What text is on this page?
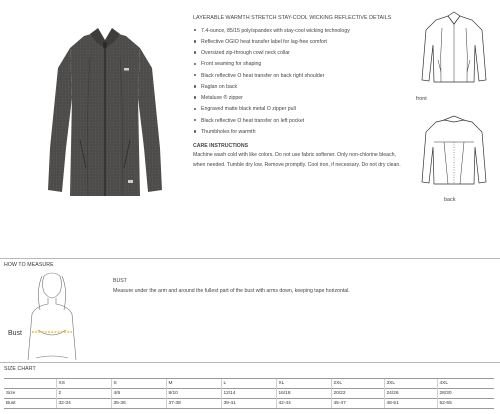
LAYERABLE WARMTH STRETCH STAY-COOL WICKING REFLECTIVE DETAILS
7.4-ounce, 85/15 poly/spandex with stay-cool wicking technology
Reflective OGIO heat transfer label for lag-free comfort
Oversized zip-through cowl neck collar
Front seaming for shaping
Black reflective O heat transfer on back right shoulder
Raglan on back
Metaluxe ® zipper
Engraved matte black metal O zipper pull
Black reflective O heat transfer on left pocket
Thumbholes for warmth
CARE INSTRUCTIONS
Machine wash cold with like colors. Do not use fabric softener. Only non-chlorine bleach, when needed. Tumble dry low. Remove promptly. Cool iron, if necessary. Do not dry clean.
front
back
HOW TO MEASURE
Bust
BUST
Measure under the arm and around the fullest part of the bust with arms down, keeping tape horizontal.
SIZE CHART
	XS	S	M	L	XL	2XL	3XL	4XL
Size	2	4/6	8/10	12/14	16/18	20/22	24/26	28/30
Bust	32-34	35-36	37-38	39-41	42-44	45-47	48-51	52-55
